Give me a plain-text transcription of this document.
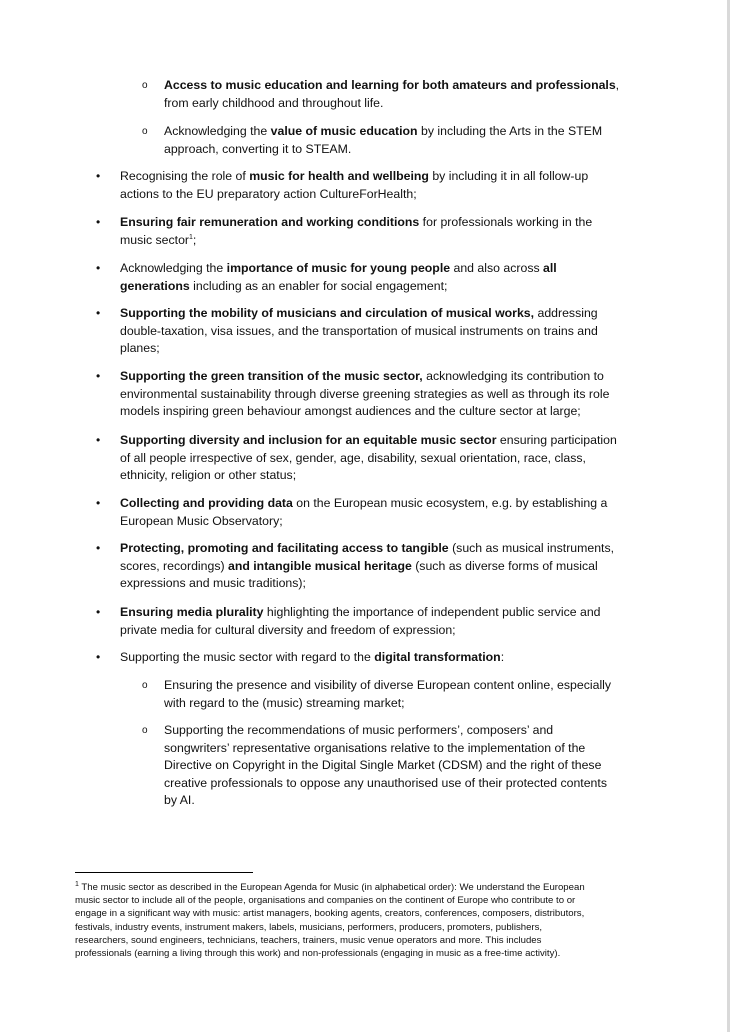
o Access to music education and learning for both amateurs and professionals,
from early childhood and throughout life.
o Acknowledging the value of music education by including the Arts in the STEM
approach, converting it to STEAM.
• Recognising the role of music for health and wellbeing by including it in all follow-up
actions to the EU preparatory action CultureForHealth;
• Ensuring fair remuneration and working conditions for professionals working in the
music sector$^1$;
• Acknowledging the importance of music for young people and also across all
generations including as an enabler for social engagement;
• Supporting the mobility of musicians and circulation of musical works, addressing
double-taxation, visa issues, and the transportation of musical instruments on trains and
planes;
• Supporting the green transition of the music sector, acknowledging its contribution to
environmental sustainability through diverse greening strategies as well as through its role
models inspiring green behaviour amongst audiences and the culture sector at large;
• Supporting diversity and inclusion for an equitable music sector ensuring participation
of all people irrespective of sex, gender, age, disability, sexual orientation, race, class,
ethnicity, religion or other status;
• Collecting and providing data on the European music ecosystem, e.g. by establishing a
European Music Observatory;
• Protecting, promoting and facilitating access to tangible (such as musical instruments,
scores, recordings) and intangible musical heritage (such as diverse forms of musical
expressions and music traditions);
• Ensuring media plurality highlighting the importance of independent public service and
private media for cultural diversity and freedom of expression;
• Supporting the music sector with regard to the digital transformation:
o Ensuring the presence and visibility of diverse European content online, especially
with regard to the (music) streaming market;
o Supporting the recommendations of music performers’, composers’ and
songwriters’ representative organisations relative to the implementation of the
Directive on Copyright in the Digital Single Market (CDSM) and the right of these
creative professionals to oppose any unauthorised use of their protected contents
by AI.
$^1$ The music sector as described in the European Agenda for Music (in alphabetical order): We understand the European
music sector to include all of the people, organisations and companies on the continent of Europe who contribute to or
engage in a significant way with music: artist managers, booking agents, creators, conferences, composers, distributors,
festivals, industry events, instrument makers, labels, musicians, performers, producers, promoters, publishers,
researchers, sound engineers, technicians, teachers, trainers, music venue operators and more. This includes
professionals (earning a living through this work) and non-professionals (engaging in music as a free-time activity).
